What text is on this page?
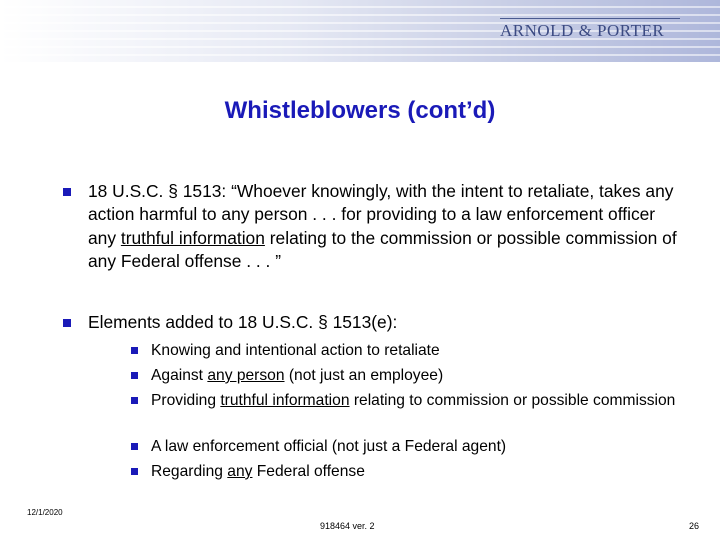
ARNOLD & PORTER
Whistleblowers (cont’d)
18 U.S.C. § 1513: “Whoever knowingly, with the intent to retaliate, takes any action harmful to any person . . . for providing to a law enforcement officer any truthful information relating to the commission or possible commission of any Federal offense . . . ”
Elements added to 18 U.S.C. § 1513(e):
Knowing and intentional action to retaliate
Against any person (not just an employee)
Providing truthful information relating to commission or possible commission
A law enforcement official (not just a Federal agent)
Regarding any Federal offense
12/1/2020
918464 ver. 2	26
